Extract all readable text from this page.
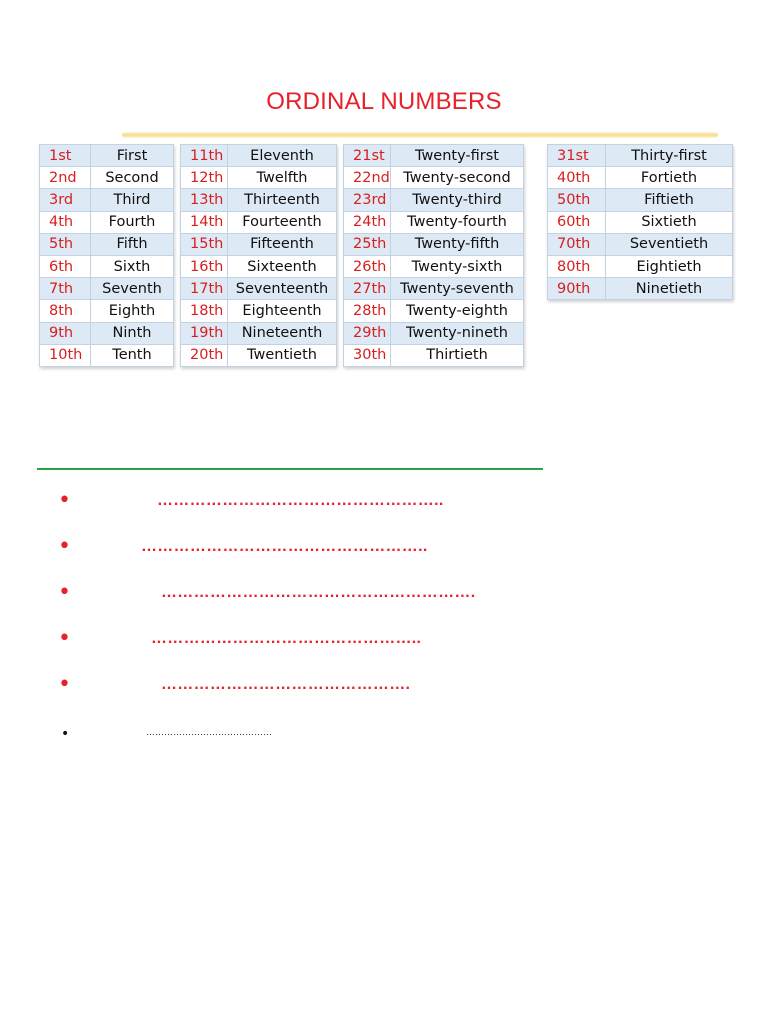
ORDINAL NUMBERS
1st	First
2nd	Second
3rd	Third
4th	Fourth
5th	Fifth
6th	Sixth
7th	Seventh
8th	Eighth
9th	Ninth
10th	Tenth
11th	Eleventh
12th	Twelfth
13th	Thirteenth
14th	Fourteenth
15th	Fifteenth
16th	Sixteenth
17th	Seventeenth
18th	Eighteenth
19th	Nineteenth
20th	Twentieth
21st	Twenty-first
22nd	Twenty-second
23rd	Twenty-third
24th	Twenty-fourth
25th	Twenty-fifth
26th	Twenty-sixth
27th	Twenty-seventh
28th	Twenty-eighth
29th	Twenty-nineth
30th	Thirtieth
31st	Thirty-first
40th	Fortieth
50th	Fiftieth
60th	Sixtieth
70th	Seventieth
80th	Eightieth
90th	Ninetieth
•	……………………………………………..
•	……………………………………………..
•	………………………………………………….
•	…………………………………………..
•	……………………………………….
•	……………………………………
